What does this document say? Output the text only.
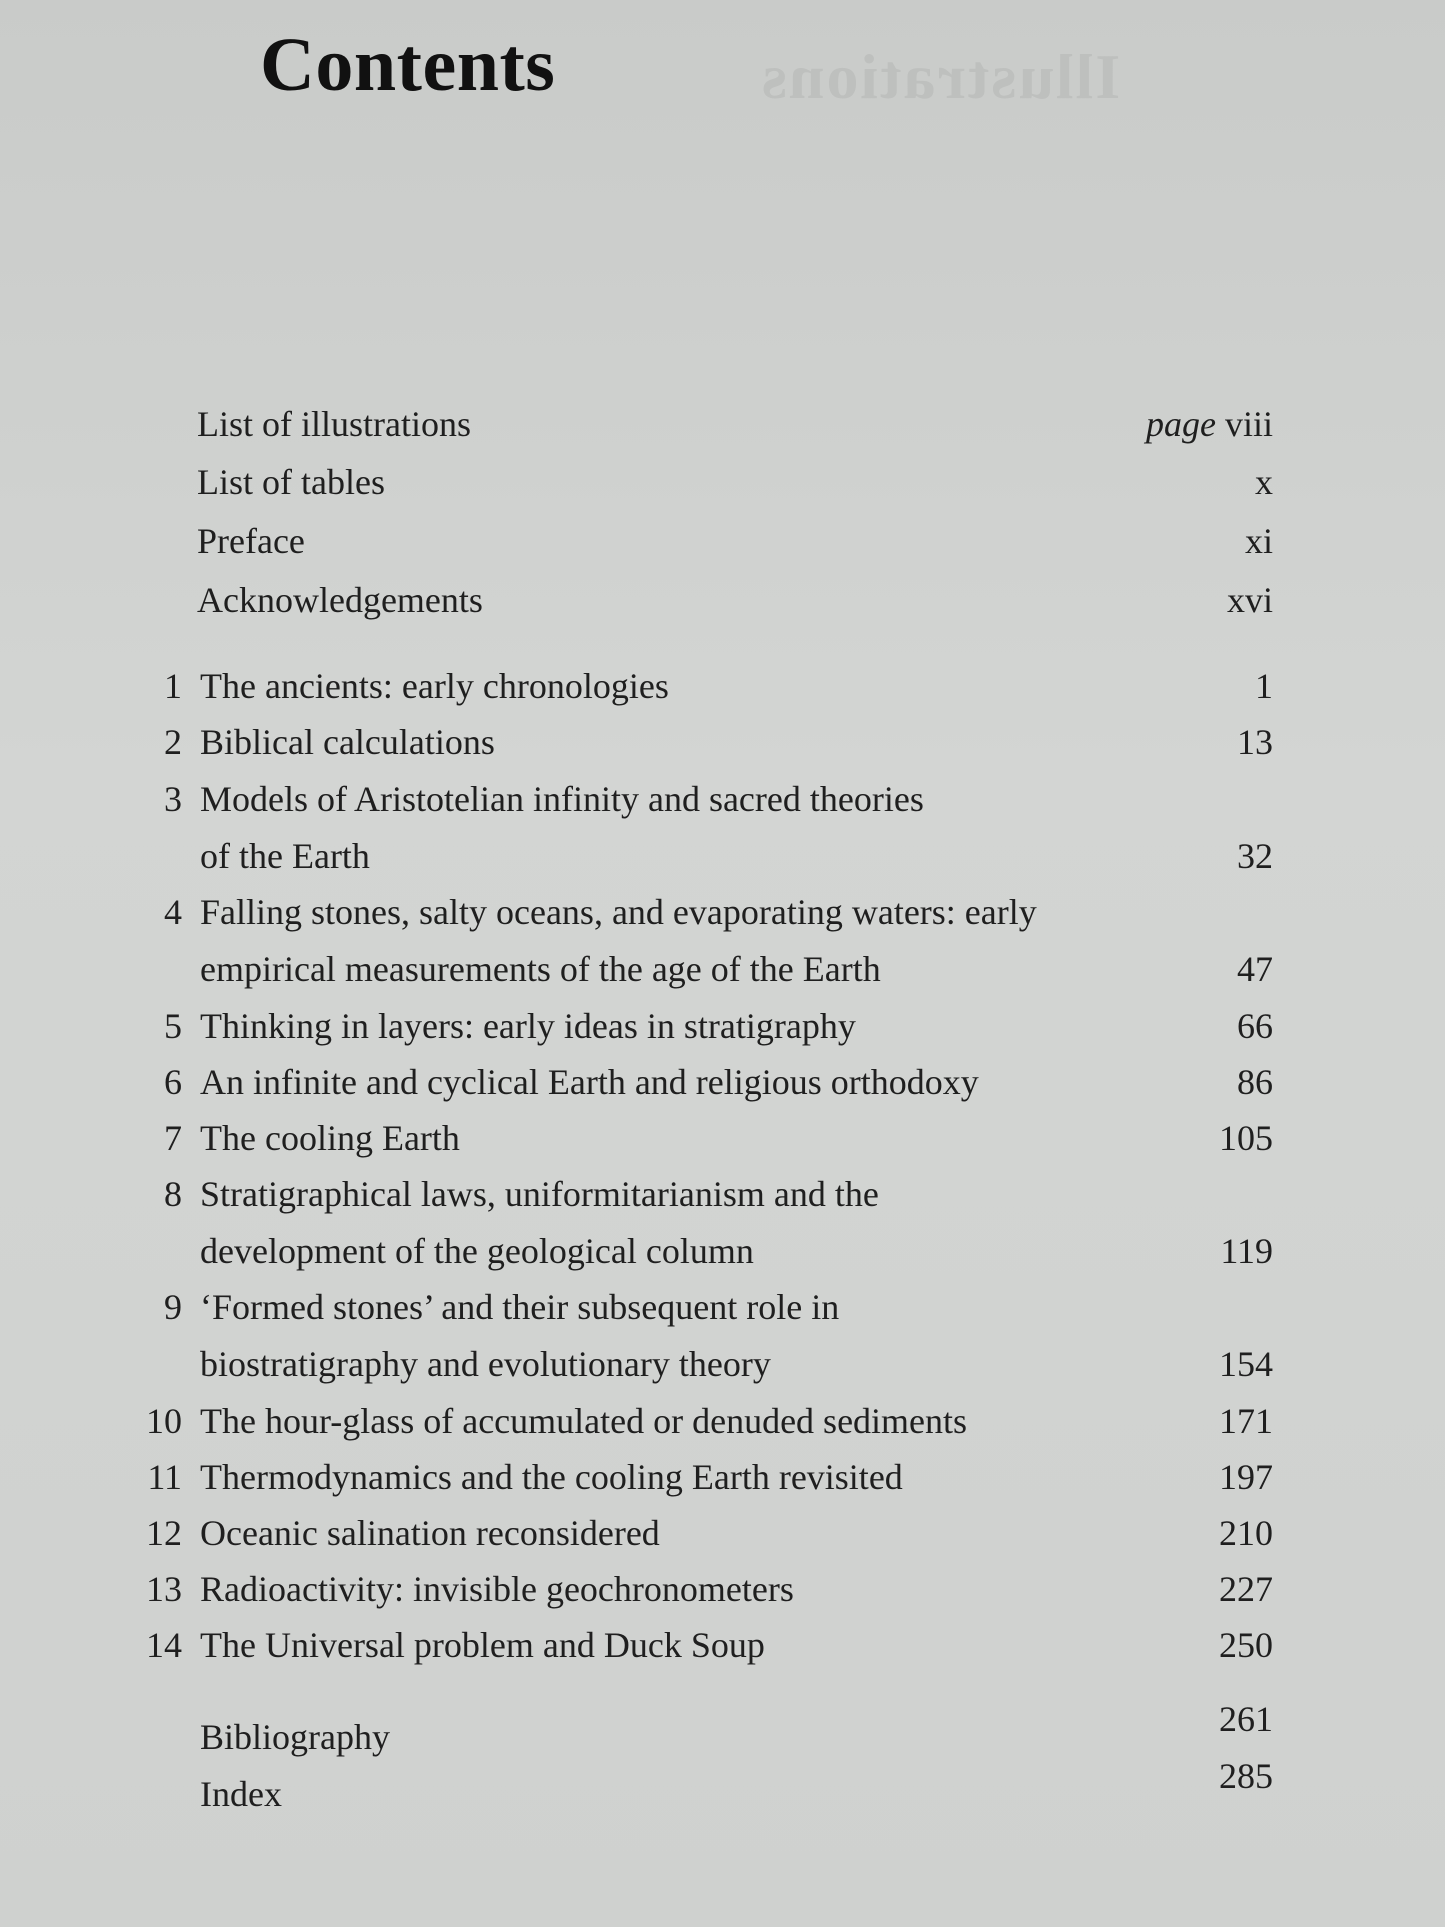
Illustrations
Contents
List of illustrations	page viii
List of tables	x
Preface	xi
Acknowledgements	xvi
1 The ancients: early chronologies	1
2 Biblical calculations	13
3 Models of Aristotelian infinity and sacred theories
of the Earth	32
4 Falling stones, salty oceans, and evaporating waters: early
empirical measurements of the age of the Earth	47
5 Thinking in layers: early ideas in stratigraphy	66
6 An infinite and cyclical Earth and religious orthodoxy	86
7 The cooling Earth	105
8 Stratigraphical laws, uniformitarianism and the
development of the geological column	119
9 ‘Formed stones’ and their subsequent role in
biostratigraphy and evolutionary theory	154
10 The hour-glass of accumulated or denuded sediments	171
11 Thermodynamics and the cooling Earth revisited	197
12 Oceanic salination reconsidered	210
13 Radioactivity: invisible geochronometers	227
14 The Universal problem and Duck Soup	250
Bibliography	261
Index	285
